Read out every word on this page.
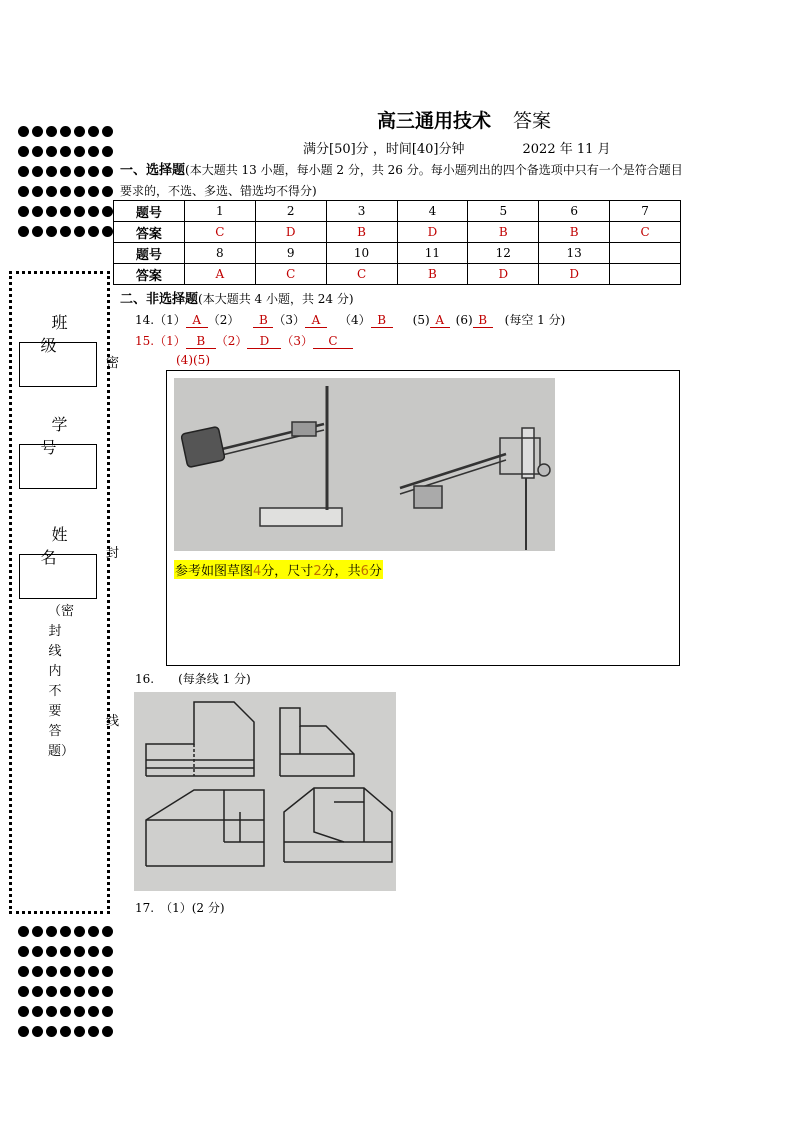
班 级
学 号
姓 名
（密封线内不要答题）
密
封
线
高三通用技术 答案
满分[50]分 ，时间[40]分钟	2022 年 11 月
一、选择题(本大题共 13 小题，每小题 2 分，共 26 分。每小题列出的四个备选项中只有一个是符合题目要求的，不选、多选、错选均不得分)
题号	1	2	3	4	5	6	7
答案	C	D	B	D	B	B	C
题号	8	9	10	11	12	13	
答案	A	C	C	B	D	D	
二、非选择题(本大题共 4 小题，共 24 分)
14.（1） A （2） B （3） A （4） B (5) A (6) B (每空 1 分)
15.（1） B （2） D （3） C
(4)(5)
参考如图草图4分，尺寸2分，共6分
16. (每条线 1 分)
17. （1）(2 分)
